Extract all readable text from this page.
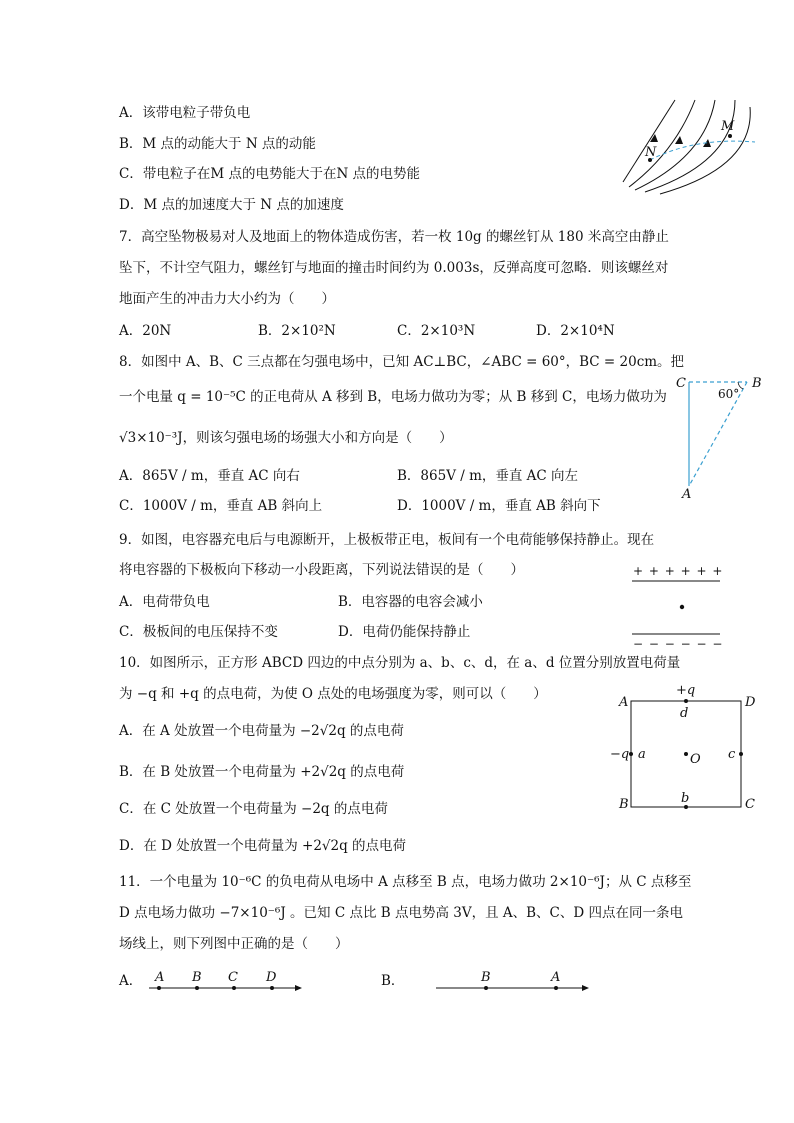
A．该带电粒子带负电
B．M 点的动能大于 N 点的动能
C．带电粒子在M 点的电势能大于在N 点的电势能
D．M 点的加速度大于 N 点的加速度
N
M
7．高空坠物极易对人及地面上的物体造成伤害，若一枚 10g 的螺丝钉从 180 米高空由静止
坠下，不计空气阻力，螺丝钉与地面的撞击时间约为 0.003s，反弹高度可忽略．则该螺丝对
地面产生的冲击力大小约为（　　）
A．20N	B．2×10²N	C．2×10³N	D．2×10⁴N
8．如图中 A、B、C 三点都在匀强电场中，已知 AC⊥BC，∠ABC = 60°，BC = 20cm。把
一个电量 q = 10⁻⁵C 的正电荷从 A 移到 B，电场力做功为零；从 B 移到 C，电场力做功为
√3×10⁻³J，则该匀强电场的场强大小和方向是（　　）
A．865V / m，垂直 AC 向右	B．865V / m，垂直 AC 向左
C．1000V / m，垂直 AB 斜向上	D．1000V / m，垂直 AB 斜向下
C	B
A
60°
9．如图，电容器充电后与电源断开，上极板带正电，板间有一个电荷能够保持静止。现在
将电容器的下极板向下移动一小段距离，下列说法错误的是（　　）
A．电荷带负电	B．电容器的电容会减小
C．极板间的电压保持不变	D．电荷仍能保持静止
+ + + + + +
− − − − − −
10．如图所示，正方形 ABCD 四边的中点分别为 a、b、c、d，在 a、d 位置分别放置电荷量
为 −q 和 +q 的点电荷，为使 O 点处的电场强度为零，则可以（　　）
A．在 A 处放置一个电荷量为 −2√2q 的点电荷
B．在 B 处放置一个电荷量为 +2√2q 的点电荷
C．在 C 处放置一个电荷量为 −2q 的点电荷
D．在 D 处放置一个电荷量为 +2√2q 的点电荷
A
B	C
D
d
a	c
b
O
+q
−q
11．一个电量为 10⁻⁶C 的负电荷从电场中 A 点移至 B 点，电场力做功 2×10⁻⁶J；从 C 点移至
D 点电场力做功 −7×10⁻⁶J 。已知 C 点比 B 点电势高 3V，且 A、B、C、D 四点在同一条电
场线上，则下列图中正确的是（　　）
A．	B．
A B C D	B	A
